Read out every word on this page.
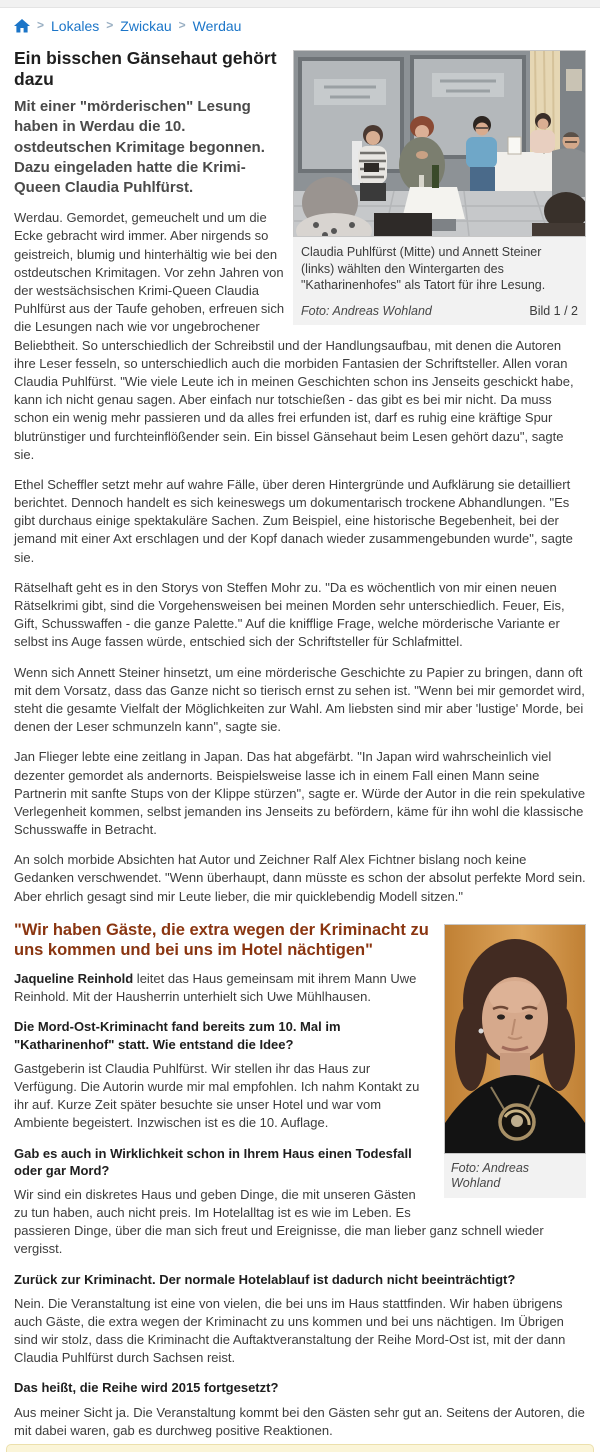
> Lokales > Zwickau > Werdau
Claudia Puhlfürst (Mitte) und Annett Steiner (links) wählten den Wintergarten des "Katharinenhofes" als Tatort für ihre Lesung.
Foto: Andreas Wohland	Bild 1 / 2
Ein bisschen Gänsehaut gehört dazu

Mit einer "mörderischen" Lesung haben in Werdau die 10. ostdeutschen Krimitage begonnen. Dazu eingeladen hatte die Krimi-Queen Claudia Puhlfürst.

Werdau. Gemordet, gemeuchelt und um die Ecke gebracht wird immer. Aber nirgends so geistreich, blumig und hinterhältig wie bei den ostdeutschen Krimitagen. Vor zehn Jahren von der westsächsischen Krimi-Queen Claudia Puhlfürst aus der Taufe gehoben, erfreuen sich die Lesungen nach wie vor ungebrochener Beliebtheit. So unterschiedlich der Schreibstil und der Handlungsaufbau, mit denen die Autoren ihre Leser fesseln, so unterschiedlich auch die morbiden Fantasien der Schriftsteller. Allen voran Claudia Puhlfürst. "Wie viele Leute ich in meinen Geschichten schon ins Jenseits geschickt habe, kann ich nicht genau sagen. Aber einfach nur totschießen - das gibt es bei mir nicht. Da muss schon ein wenig mehr passieren und da alles frei erfunden ist, darf es ruhig eine kräftige Spur blutrünstiger und furchteinflößender sein. Ein bissel Gänsehaut beim Lesen gehört dazu", sagte sie.

Ethel Scheffler setzt mehr auf wahre Fälle, über deren Hintergründe und Aufklärung sie detailliert berichtet. Dennoch handelt es sich keineswegs um dokumentarisch trockene Abhandlungen. "Es gibt durchaus einige spektakuläre Sachen. Zum Beispiel, eine historische Begebenheit, bei der jemand mit einer Axt erschlagen und der Kopf danach wieder zusammengebunden wurde", sagte sie.

Rätselhaft geht es in den Storys von Steffen Mohr zu. "Da es wöchentlich von mir einen neuen Rätselkrimi gibt, sind die Vorgehensweisen bei meinen Morden sehr unterschiedlich. Feuer, Eis, Gift, Schusswaffen - die ganze Palette." Auf die knifflige Frage, welche mörderische Variante er selbst ins Auge fassen würde, entschied sich der Schriftsteller für Schlafmittel.

Wenn sich Annett Steiner hinsetzt, um eine mörderische Geschichte zu Papier zu bringen, dann oft mit dem Vorsatz, dass das Ganze nicht so tierisch ernst zu sehen ist. "Wenn bei mir gemordet wird, steht die gesamte Vielfalt der Möglichkeiten zur Wahl. Am liebsten sind mir aber 'lustige' Morde, bei denen der Leser schmunzeln kann", sagte sie.

Jan Flieger lebte eine zeitlang in Japan. Das hat abgefärbt. "In Japan wird wahrscheinlich viel dezenter gemordet als andernorts. Beispielsweise lasse ich in einem Fall einen Mann seine Partnerin mit sanfte Stups von der Klippe stürzen", sagte er. Würde der Autor in die rein spekulative Verlegenheit kommen, selbst jemanden ins Jenseits zu befördern, käme für ihn wohl die klassische Schusswaffe in Betracht.

An solch morbide Absichten hat Autor und Zeichner Ralf Alex Fichtner bislang noch keine Gedanken verschwendet. "Wenn überhaupt, dann müsste es schon der absolut perfekte Mord sein. Aber ehrlich gesagt sind mir Leute lieber, die mir quicklebendig Modell sitzen."

Foto: Andreas Wohland
"Wir haben Gäste, die extra wegen der Kriminacht zu uns kommen und bei uns im Hotel nächtigen"

Jaqueline Reinhold leitet das Haus gemeinsam mit ihrem Mann Uwe Reinhold. Mit der Hausherrin unterhielt sich Uwe Mühlhausen.

Die Mord-Ost-Kriminacht fand bereits zum 10. Mal im "Katharinenhof" statt. Wie entstand die Idee?

Gastgeberin ist Claudia Puhlfürst. Wir stellen ihr das Haus zur Verfügung. Die Autorin wurde mir mal empfohlen. Ich nahm Kontakt zu ihr auf. Kurze Zeit später besuchte sie unser Hotel und war vom Ambiente begeistert. Inzwischen ist es die 10. Auflage.

Gab es auch in Wirklichkeit schon in Ihrem Haus einen Todesfall oder gar Mord?

Wir sind ein diskretes Haus und geben Dinge, die mit unseren Gästen zu tun haben, auch nicht preis. Im Hotelalltag ist es wie im Leben. Es passieren Dinge, über die man sich freut und Ereignisse, die man lieber ganz schnell wieder vergisst.

Zurück zur Kriminacht. Der normale Hotelablauf ist dadurch nicht beeinträchtigt?

Nein. Die Veranstaltung ist eine von vielen, die bei uns im Haus stattfinden. Wir haben übrigens auch Gäste, die extra wegen der Kriminacht zu uns kommen und bei uns nächtigen. Im Übrigen sind wir stolz, dass die Kriminacht die Auftaktveranstaltung der Reihe Mord-Ost ist, mit der dann Claudia Puhlfürst durch Sachsen reist.

Das heißt, die Reihe wird 2015 fortgesetzt?

Aus meiner Sicht ja. Die Veranstaltung kommt bei den Gästen sehr gut an. Seitens der Autoren, die mit dabei waren, gab es durchweg positive Reaktionen.
